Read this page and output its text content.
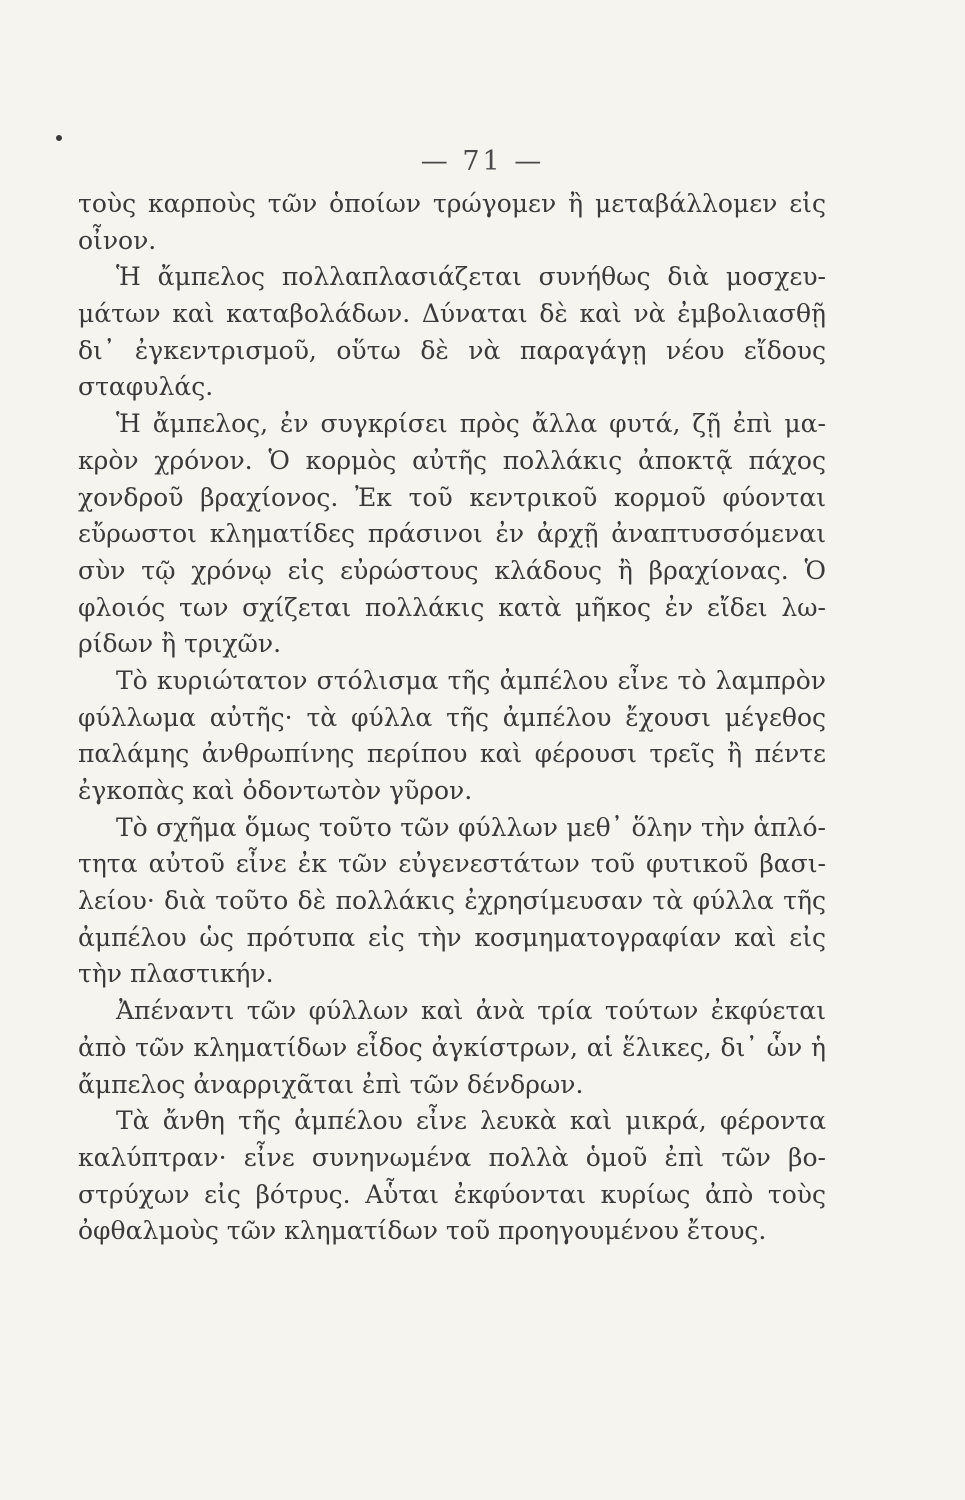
— 71 —
τοὺς καρποὺς τῶν ὁποίων τρώγομεν ἢ μεταβάλλομεν εἰς
οἶνον.
Ἡ ἄμπελος πολλαπλασιάζεται συνήθως διὰ μοσχευ-
μάτων καὶ καταβολάδων. Δύναται δὲ καὶ νὰ ἐμβολιασθῇ
δι᾽ ἐγκεντρισμοῦ, οὕτω δὲ νὰ παραγάγῃ νέου εἴδους
σταφυλάς.
Ἡ ἄμπελος, ἐν συγκρίσει πρὸς ἄλλα φυτά, ζῇ ἐπὶ μα-
κρὸν χρόνον. Ὁ κορμὸς αὐτῆς πολλάκις ἀποκτᾷ πάχος
χονδροῦ βραχίονος. Ἐκ τοῦ κεντρικοῦ κορμοῦ φύονται
εὔρωστοι κληματίδες πράσινοι ἐν ἀρχῇ ἀναπτυσσόμεναι
σὺν τῷ χρόνῳ εἰς εὐρώστους κλάδους ἢ βραχίονας. Ὁ
φλοιός των σχίζεται πολλάκις κατὰ μῆκος ἐν εἴδει λω-
ρίδων ἢ τριχῶν.
Τὸ κυριώτατον στόλισμα τῆς ἀμπέλου εἶνε τὸ λαμπρὸν
φύλλωμα αὐτῆς· τὰ φύλλα τῆς ἀμπέλου ἔχουσι μέγεθος
παλάμης ἀνθρωπίνης περίπου καὶ φέρουσι τρεῖς ἢ πέντε
ἐγκοπὰς καὶ ὀδοντωτὸν γῦρον.
Τὸ σχῆμα ὅμως τοῦτο τῶν φύλλων μεθ᾽ ὅλην τὴν ἁπλό-
τητα αὐτοῦ εἶνε ἐκ τῶν εὐγενεστάτων τοῦ φυτικοῦ βασι-
λείου· διὰ τοῦτο δὲ πολλάκις ἐχρησίμευσαν τὰ φύλλα τῆς
ἀμπέλου ὡς πρότυπα εἰς τὴν κοσμηματογραφίαν καὶ εἰς
τὴν πλαστικήν.
Ἀπέναντι τῶν φύλλων καὶ ἀνὰ τρία τούτων ἐκφύεται
ἀπὸ τῶν κληματίδων εἶδος ἀγκίστρων, αἱ ἕλικες, δι᾽ ὧν ἡ
ἄμπελος ἀναρριχᾶται ἐπὶ τῶν δένδρων.
Τὰ ἄνθη τῆς ἀμπέλου εἶνε λευκὰ καὶ μικρά, φέροντα
καλύπτραν· εἶνε συνηνωμένα πολλὰ ὁμοῦ ἐπὶ τῶν βο-
στρύχων εἰς βότρυς. Αὗται ἐκφύονται κυρίως ἀπὸ τοὺς
ὀφθαλμοὺς τῶν κληματίδων τοῦ προηγουμένου ἔτους.
